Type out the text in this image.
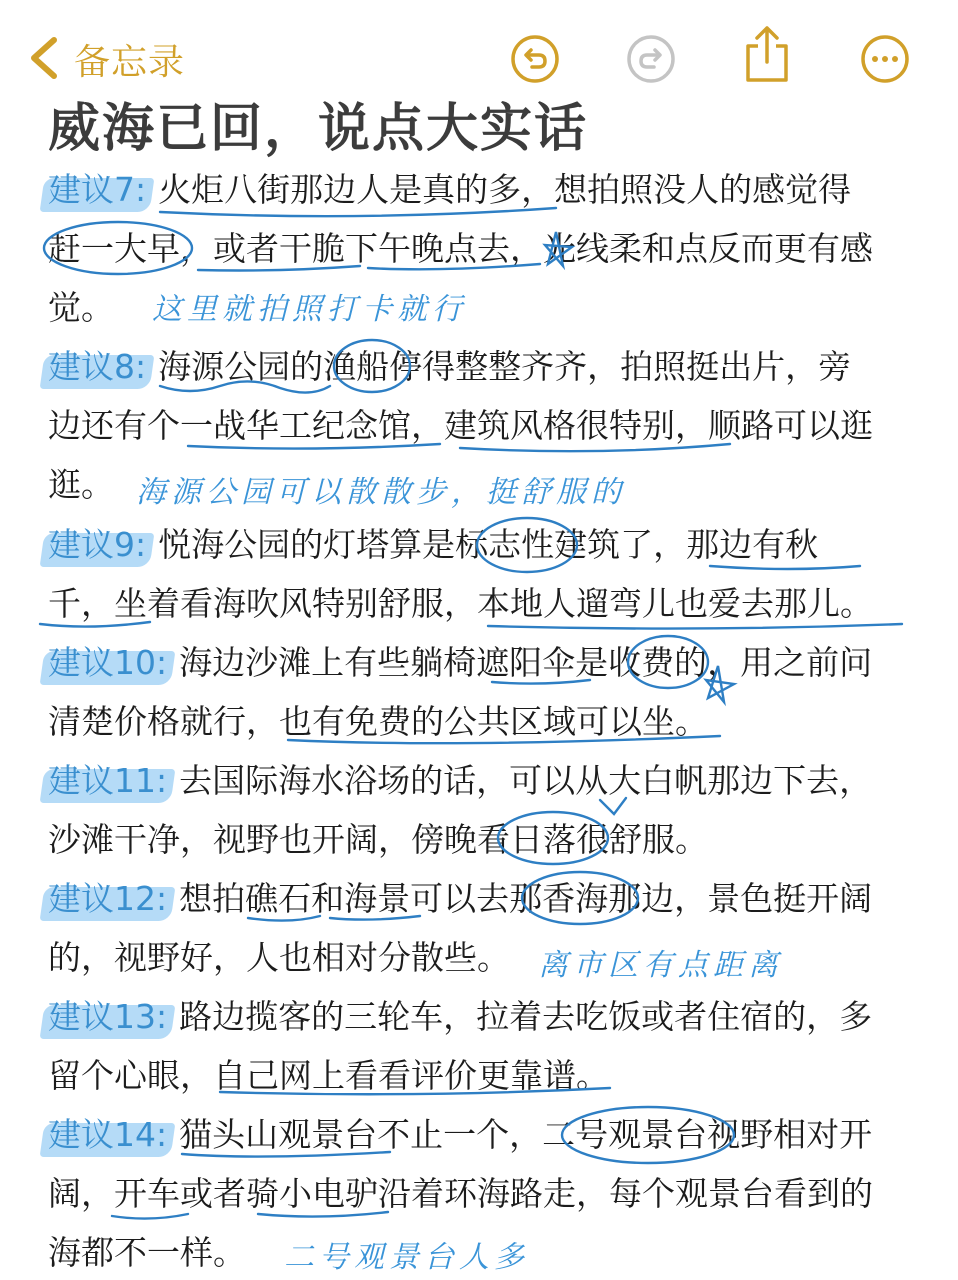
备忘录
威海已回，说点大实话
建议7: 火炬八街那边人是真的多，想拍照没人的感觉得
赶一大早，或者干脆下午晚点去，光线柔和点反而更有感
觉。
建议8: 海源公园的渔船停得整整齐齐，拍照挺出片，旁
边还有个一战华工纪念馆，建筑风格很特别，顺路可以逛
逛。
建议9: 悦海公园的灯塔算是标志性建筑了，那边有秋
千，坐着看海吹风特别舒服，本地人遛弯儿也爱去那儿。
建议10: 海边沙滩上有些躺椅遮阳伞是收费的，用之前问
清楚价格就行，也有免费的公共区域可以坐。
建议11: 去国际海水浴场的话，可以从大白帆那边下去，
沙滩干净，视野也开阔，傍晚看日落很舒服。
建议12: 想拍礁石和海景可以去那香海那边，景色挺开阔
的，视野好，人也相对分散些。
建议13: 路边揽客的三轮车，拉着去吃饭或者住宿的，多
留个心眼，自己网上看看评价更靠谱。
建议14: 猫头山观景台不止一个，二号观景台视野相对开
阔，开车或者骑小电驴沿着环海路走，每个观景台看到的
海都不一样。
这里就拍照打卡就行
海源公园可以散散步，挺舒服的
离市区有点距离
二号观景台人多
